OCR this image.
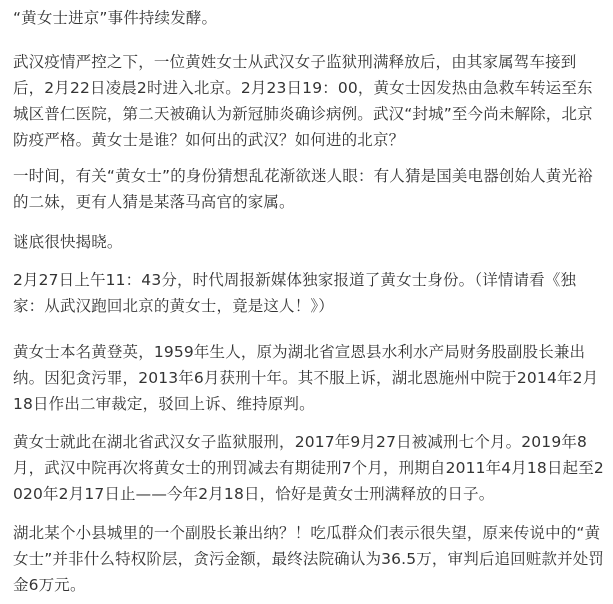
“黄女士进京”事件持续发酵。

武汉疫情严控之下，一位黄姓女士从武汉女子监狱刑满释放后，由其家属驾车接到后，2月22日凌晨2时进入北京。2月23日19：00，黄女士因发热由急救车转运至东城区普仁医院，第二天被确认为新冠肺炎确诊病例。武汉“封城”至今尚未解除，北京防疫严格。黄女士是谁？如何出的武汉？如何进的北京？

一时间，有关“黄女士”的身份猜想乱花渐欲迷人眼：有人猜是国美电器创始人黄光裕的二妹，更有人猜是某落马高官的家属。

谜底很快揭晓。

2月27日上午11：43分，时代周报新媒体独家报道了黄女士身份。（详情请看《独家：从武汉跑回北京的黄女士，竟是这人！》）

黄女士本名黄登英，1959年生人，原为湖北省宣恩县水利水产局财务股副股长兼出纳。因犯贪污罪，2013年6月获刑十年。其不服上诉，湖北恩施州中院于2014年2月18日作出二审裁定，驳回上诉、维持原判。

黄女士就此在湖北省武汉女子监狱服刑，2017年9月27日被减刑七个月。2019年8月，武汉中院再次将黄女士的刑罚减去有期徒刑7个月，刑期自2011年4月18日起至2020年2月17日止——今年2月18日，恰好是黄女士刑满释放的日子。

湖北某个小县城里的一个副股长兼出纳？！吃瓜群众们表示很失望，原来传说中的“黄女士”并非什么特权阶层，贪污金额，最终法院确认为36.5万，审判后追回赃款并处罚金6万元。
